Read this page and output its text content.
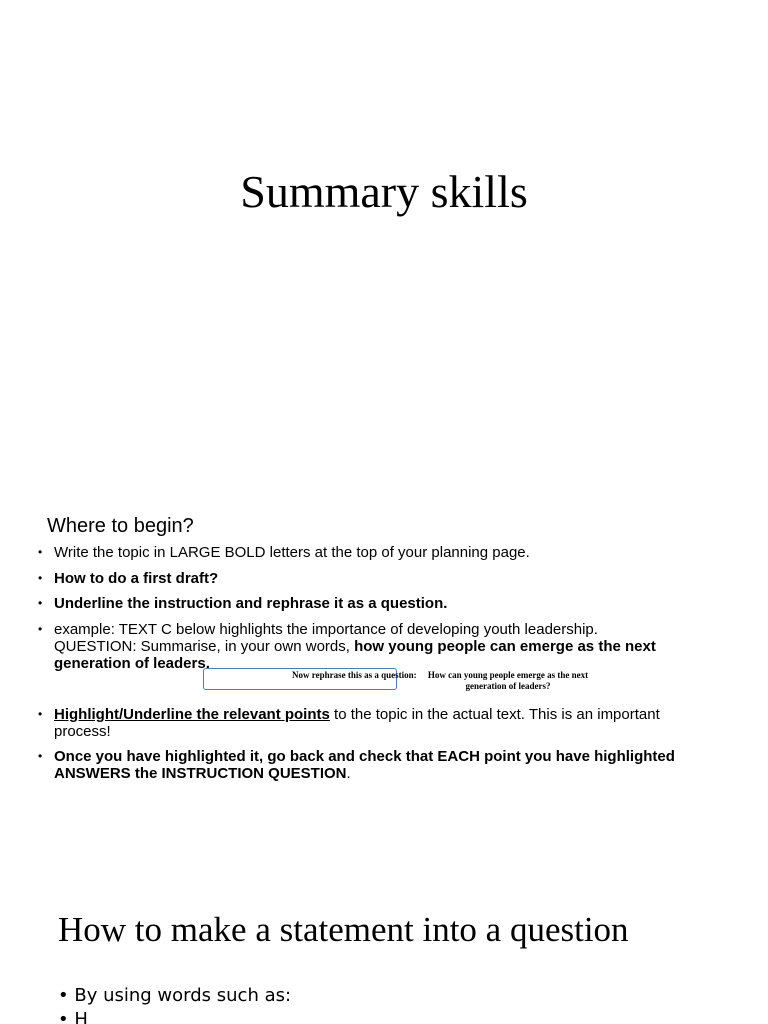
Summary skills
Where to begin?
• Write the topic in LARGE BOLD letters at the top of your planning page.
• How to do a first draft?
• Underline the instruction and rephrase it as a question.
• example: TEXT C below highlights the importance of developing youth leadership.
QUESTION: Summarise, in your own words, how young people can emerge as the next generation of leaders.
Now rephrase this as a question:	How can young people emerge as the next generation of leaders?
• Highlight/Underline the relevant points to the topic in the actual text. This is an important process!
• Once you have highlighted it, go back and check that EACH point you have highlighted ANSWERS the INSTRUCTION QUESTION.
How to make a statement into a question
• By using words such as:
• H
